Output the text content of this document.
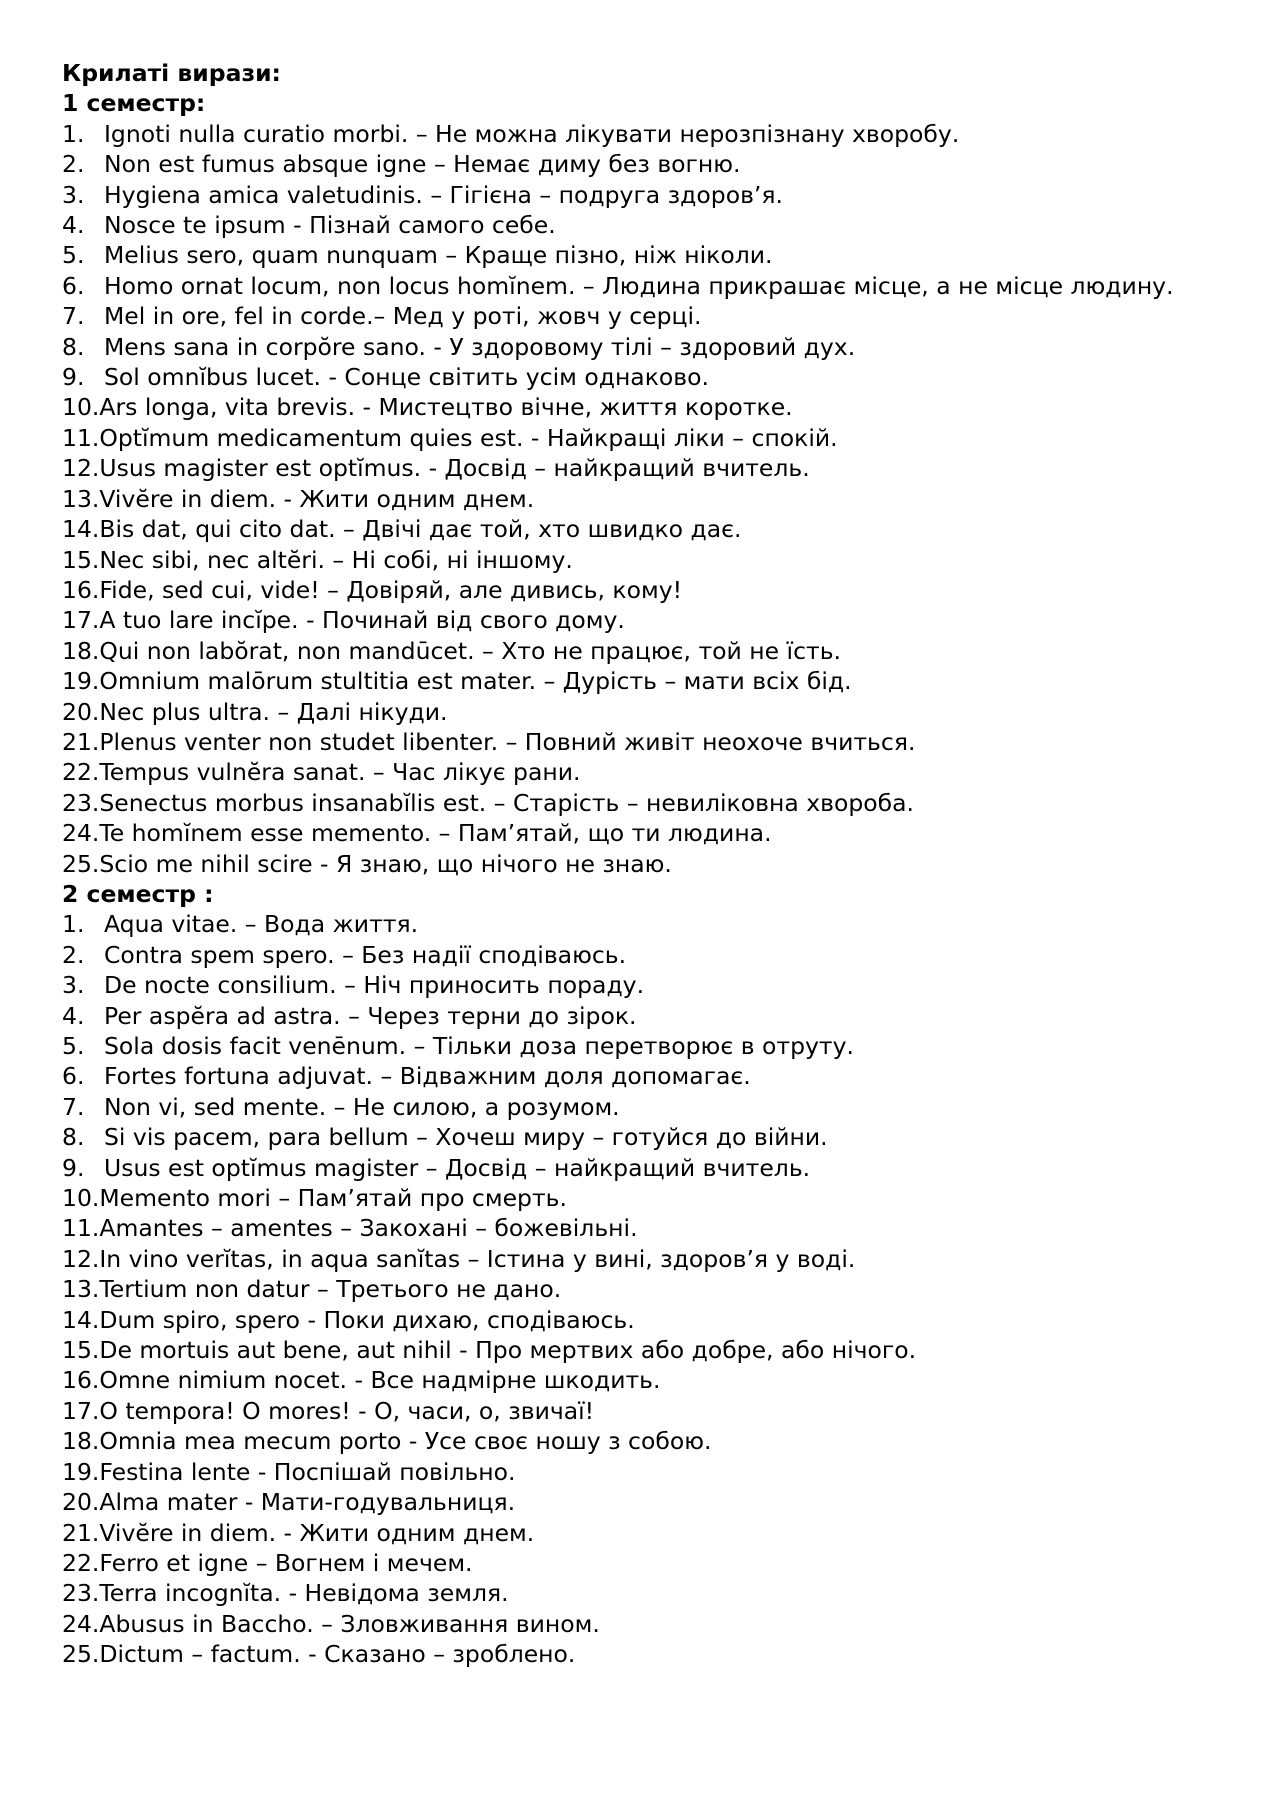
Крилаті вирази:
1 семестр:
1. Ignoti nulla curatio morbi. – Не можна лікувати нерозпізнану хворобу.
2. Non est fumus absque igne – Немає диму без вогню.
3. Hygiena amica valetudinis. – Гігієна – подруга здоров’я.
4. Nosce te ipsum - Пізнай самого себе.
5. Melius sero, quam nunquam – Краще пізно, ніж ніколи.
6. Homo ornat locum, non locus homĭnem. – Людина прикрашає місце, а не місце людину.
7. Mel in ore, fel in corde.– Мед у роті, жовч у серці.
8. Mens sana in corpŏre sano. - У здоровому тілі – здоровий дух.
9. Sol omnĭbus lucet. - Сонце світить усім однаково.
10. Ars longa, vita brevis. - Мистецтво вічне, життя коротке.
11. Optĭmum medicamentum quies est. - Найкращі ліки – спокій.
12. Usus magister est optĭmus. - Досвід – найкращий вчитель.
13. Vivĕre in diem. - Жити одним днем.
14. Bis dat, qui cito dat. – Двічі дає той, хто швидко дає.
15. Nec sibi, nec altĕri. – Ні собі, ні іншому.
16. Fide, sed cui, vide! – Довіряй, але дивись, кому!
17. A tuo lare incĭpe. - Починай від свого дому.
18. Qui non labŏrat, non mandūcet. – Хто не працює, той не їсть.
19. Omnium malōrum stultitia est mater. – Дурість – мати всіх бід.
20. Nec plus ultra. – Далі нікуди.
21. Plenus venter non studet libenter. – Повний живіт неохоче вчиться.
22. Tempus vulnĕra sanat. – Час лікує рани.
23. Senectus morbus insanabĭlis est. – Старість – невиліковна хвороба.
24. Te homĭnem esse memento. – Пам’ятай, що ти людина.
25. Scio me nihil scire - Я знаю, що нічого не знаю.
2 семестр :
1. Aqua vitae. – Вода життя.
2. Contra spem spero. – Без надії сподіваюсь.
3. De nocte consilium. – Ніч приносить пораду.
4. Per aspĕra ad astra. – Через терни до зірок.
5. Sola dosis facit venēnum. – Тільки доза перетворює в отруту.
6. Fortes fortuna adjuvat. – Відважним доля допомагає.
7. Non vi, sed mente. – Не силою, а розумом.
8. Si vis pacem, para bellum – Хочеш миру – готуйся до війни.
9. Usus est optĭmus magister – Досвід – найкращий вчитель.
10. Memento mori – Пам’ятай про смерть.
11. Amantes – amentes – Закохані – божевільні.
12. In vino verĭtas, in aqua sanĭtas – Істина у вині, здоров’я у воді.
13. Tertium non datur – Третього не дано.
14. Dum spiro, spero - Поки дихаю, сподіваюсь.
15. De mortuis aut bene, aut nihil - Про мертвих або добре, або нічого.
16. Omne nimium nocet. - Все надмірне шкодить.
17. O tempora! O mores! - О, часи, о, звичаї!
18. Omnia mea mecum porto - Усе своє ношу з собою.
19. Festina lente - Поспішай повільно.
20. Alma mater - Мати-годувальниця.
21. Vivĕre in diem. - Жити одним днем.
22. Ferro et igne – Вогнем і мечем.
23. Terra incognĭta. - Невідома земля.
24. Abusus in Baccho. – Зловживання вином.
25. Dictum – factum. - Сказано – зроблено.
